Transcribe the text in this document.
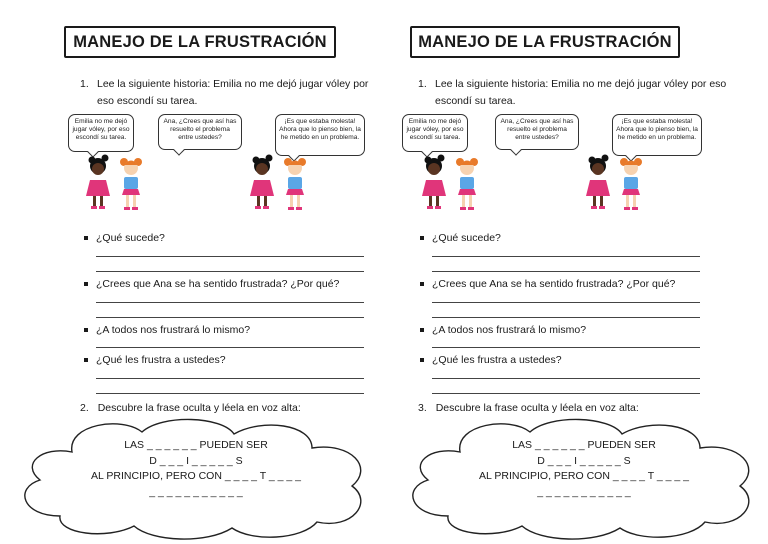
MANEJO DE LA FRUSTRACIÓN
1. Lee la siguiente historia: Emilia no me dejó jugar vóley por eso escondí su tarea.
Emilia no me dejó jugar vóley, por eso escondí su tarea.
Ana, ¿Crees que así has resuelto el problema entre ustedes?
¡Es que estaba molesta! Ahora que lo pienso bien, la he metido en un problema.
¿Qué sucede?
¿Crees que Ana se ha sentido frustrada? ¿Por qué?
¿A todos nos frustrará lo mismo?
¿Qué les frustra a ustedes?
2. Descubre la frase oculta y léela en voz alta:
LAS _ _ _ _ _ _ PUEDEN SER
D _ _ _ I _ _ _ _ _ S
AL PRINCIPIO, PERO CON _ _ _ _ T _ _ _ _
_ _ _ _ _ _ _ _ _ _ _
MANEJO DE LA FRUSTRACIÓN
1. Lee la siguiente historia: Emilia no me dejó jugar vóley por eso escondí su tarea.
Emilia no me dejó jugar vóley, por eso escondí su tarea.
Ana, ¿Crees que así has resuelto el problema entre ustedes?
¡Es que estaba molesta! Ahora que lo pienso bien, la he metido en un problema.
¿Qué sucede?
¿Crees que Ana se ha sentido frustrada? ¿Por qué?
¿A todos nos frustrará lo mismo?
¿Qué les frustra a ustedes?
3. Descubre la frase oculta y léela en voz alta:
LAS _ _ _ _ _ _ PUEDEN SER
D _ _ _ I _ _ _ _ _ S
AL PRINCIPIO, PERO CON _ _ _ _ T _ _ _ _
_ _ _ _ _ _ _ _ _ _ _
